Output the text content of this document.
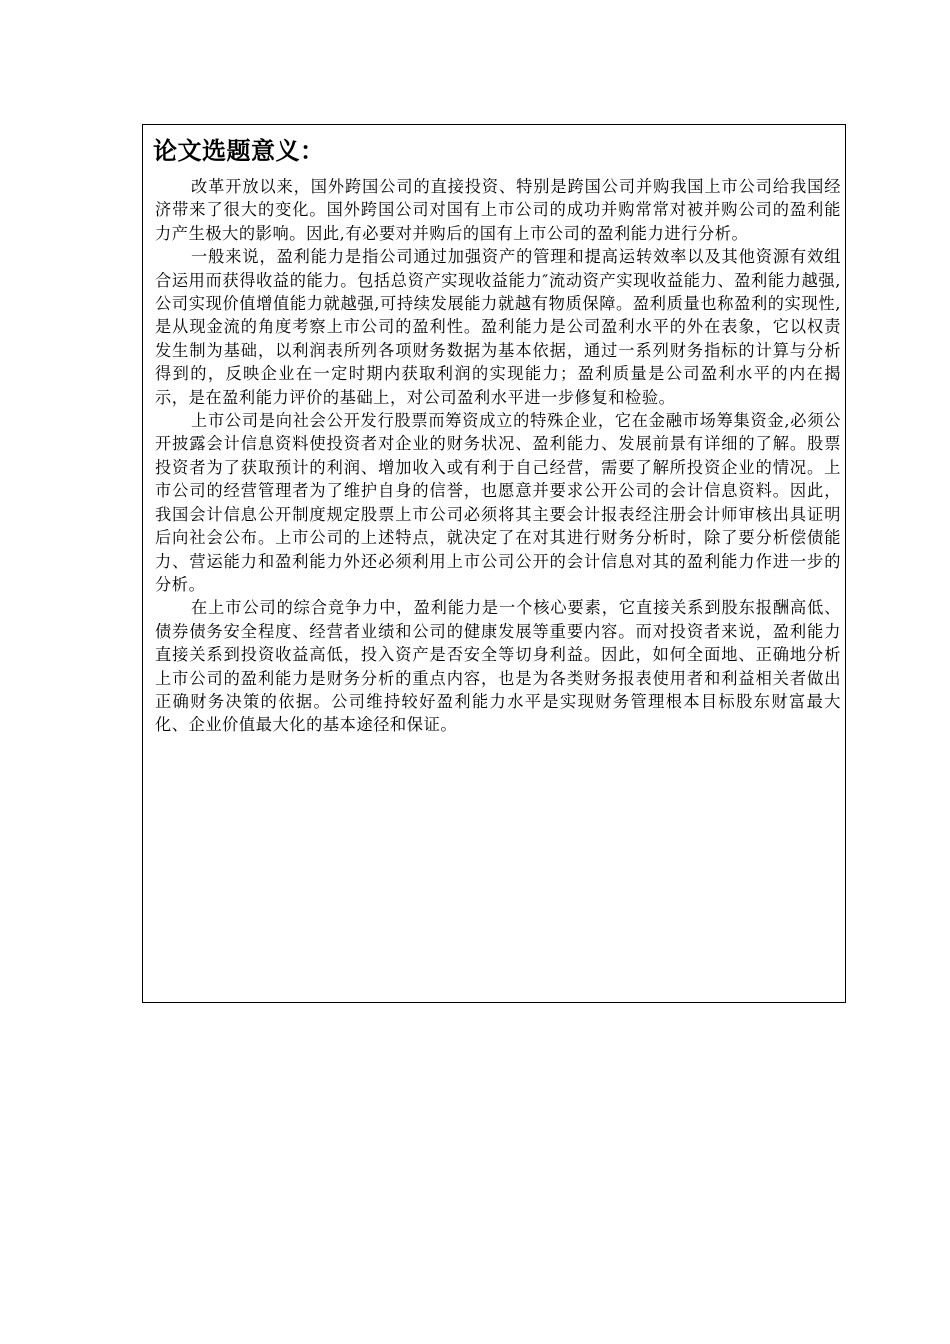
论文选题意义：

改革开放以来，国外跨国公司的直接投资、特别是跨国公司并购我国上市公司给我国经济带来了很大的变化。国外跨国公司对国有上市公司的成功并购常常对被并购公司的盈利能力产生极大的影响。因此,有必要对并购后的国有上市公司的盈利能力进行分析。

一般来说，盈利能力是指公司通过加强资产的管理和提高运转效率以及其他资源有效组合运用而获得收益的能力。包括总资产实现收益能力″流动资产实现收益能力、盈利能力越强,公司实现价值增值能力就越强,可持续发展能力就越有物质保障。盈利质量也称盈利的实现性,是从现金流的角度考察上市公司的盈利性。盈利能力是公司盈利水平的外在表象，它以权责发生制为基础，以利润表所列各项财务数据为基本依据，通过一系列财务指标的计算与分析得到的，反映企业在一定时期内获取利润的实现能力；盈利质量是公司盈利水平的内在揭示，是在盈利能力评价的基础上，对公司盈利水平进一步修复和检验。

上市公司是向社会公开发行股票而筹资成立的特殊企业，它在金融市场筹集资金,必须公开披露会计信息资料使投资者对企业的财务状况、盈利能力、发展前景有详细的了解。股票投资者为了获取预计的利润、增加收入或有利于自己经营，需要了解所投资企业的情况。上市公司的经营管理者为了维护自身的信誉，也愿意并要求公开公司的会计信息资料。因此，我国会计信息公开制度规定股票上市公司必须将其主要会计报表经注册会计师审核出具证明后向社会公布。上市公司的上述特点，就决定了在对其进行财务分析时，除了要分析偿债能力、营运能力和盈利能力外还必须利用上市公司公开的会计信息对其的盈利能力作进一步的分析。

在上市公司的综合竞争力中，盈利能力是一个核心要素，它直接关系到股东报酬高低、债券债务安全程度、经营者业绩和公司的健康发展等重要内容。而对投资者来说，盈利能力直接关系到投资收益高低，投入资产是否安全等切身利益。因此，如何全面地、正确地分析上市公司的盈利能力是财务分析的重点内容，也是为各类财务报表使用者和利益相关者做出正确财务决策的依据。公司维持较好盈利能力水平是实现财务管理根本目标股东财富最大化、企业价值最大化的基本途径和保证。
